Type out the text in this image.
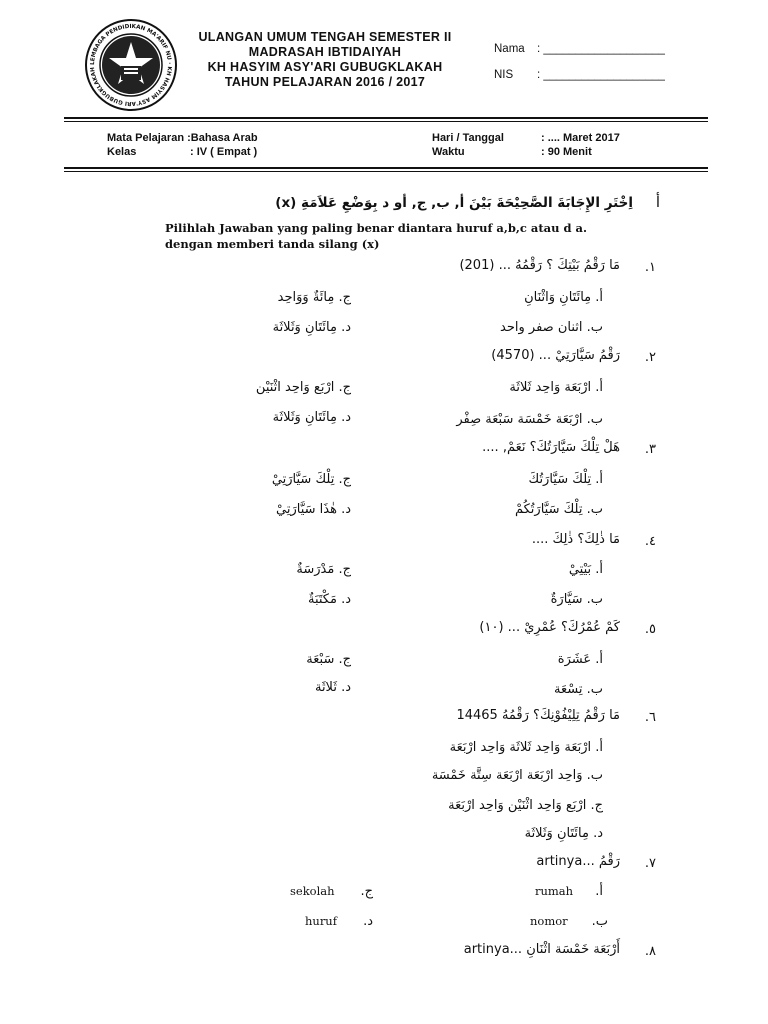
LEMBAGA PENDIDIKAN MA'ARIF NU · KH HASYIM ASY'ARI GUBUGKLAKAH
ULANGAN UMUM TENGAH SEMESTER II
MADRASAH IBTIDAIYAH
KH HASYIM ASY'ARI GUBUGKLAKAH
TAHUN PELAJARAN 2016 / 2017
Nama : ___________________
NIS : ___________________
Mata Pelajaran :Bahasa Arab
Kelas	: IV ( Empat )
Hari / Tanggal	: .... Maret 2017
Waktu	: 90 Menit
أ
اِخْتَرِ الإِجَابَةَ الصَّحِيْحَةَ بَيْنَ أ, ب, ج, أو د بِوَضْعِ عَلاَمَةِ (x)
Pilihlah Jawaban yang paling benar diantara huruf a,b,c atau d a.
dengan memberi tanda silang (x)
١.
مَا رَقْمُ بَيْتِكَ ؟ رَقْمُهُ ... (201)
أ. مِائَتَانِ وَاثْنَانِ
ب. اثنان صفر واحد
ج. مِائَةٌ وَوَاحِد
د. مِائَتَانِ وَثَلاثَة
٢.
رَقْمُ سَيَّارَتِيْ ... (4570)
أ. ارْبَعَة وَاحِد ثَلاثَة
ب. ارْبَعَة خَمْسَة سَبْعَة صِفْر
ج. ارْبَع وَاحِد اثْنَيْن
د. مِائَتَانِ وَثَلاثَة
٣.
هَلْ تِلْكَ سَيَّارَتُكَ؟ نَعَمْ, ....
أ. تِلْكَ سَيَّارَتُكَ
ب. تِلْكَ سَيَّارَتُكُمْ
ج. تِلْكَ سَيَّارَتِيْ
د. هٰذَا سَيَّارَتِيْ
٤.
مَا ذٰلِكَ؟ ذٰلِكَ ....
أ. بَيْتِيْ
ب. سَيَّارَةٌ
ج. مَدْرَسَةٌ
د. مَكْتَبَةٌ
٥.
كَمْ عُمْرُكَ؟ عُمْرِيْ ... (١٠)
أ. عَشَرَة
ب. تِسْعَة
ج. سَبْعَة
د. ثَلاثَة
٦.
مَا رَقْمُ تِلِيْفُوْنِكَ؟ رَقْمُهُ 14465
أ. ارْبَعَة وَاحِد ثَلاثَة وَاحِد ارْبَعَة
ب. وَاحِد ارْبَعَة ارْبَعَة سِتَّة خَمْسَة
ج. ارْبَع وَاحِد اثْنَيْن وَاحِد ارْبَعَة
د. مِائَتَانِ وَثَلاثَة
٧.
رَقْمُ ...artinya
أ.
rumah
ب.
nomor
ج.
sekolah
د.
huruf
٨.
أَرْبَعَة خَمْسَة اثْنَانِ ...artinya
